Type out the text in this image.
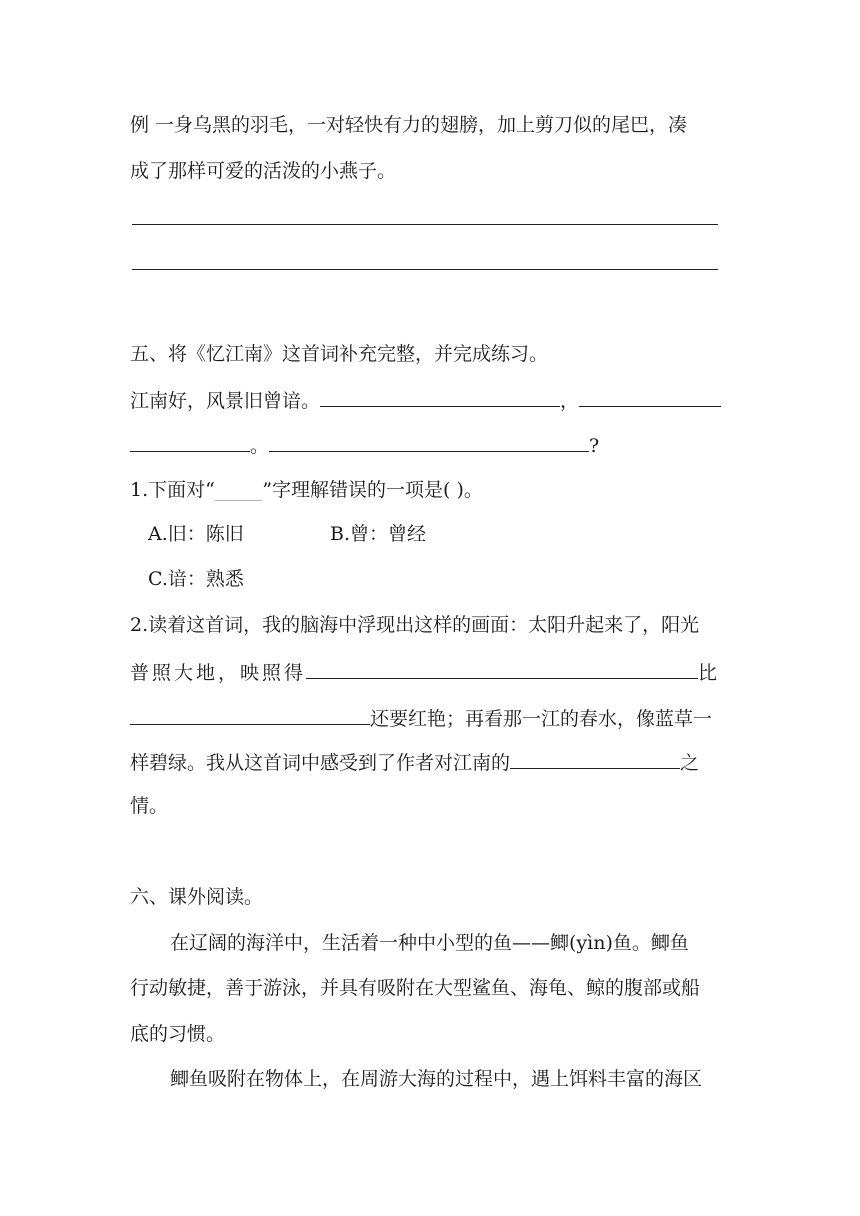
例 一身乌黑的羽毛，一对轻快有力的翅膀，加上剪刀似的尾巴，凑
成了那样可爱的活泼的小燕子。
五、将《忆江南》这首词补充完整，并完成练习。
江南好，风景旧曾谙。	，
。	?
1.下面对“_____”字理解错误的一项是( )。
A.旧：陈旧	B.曾：曾经
C.谙：熟悉
2.读着这首词，我的脑海中浮现出这样的画面：太阳升起来了，阳光
普照大地，映照得	比
还要红艳；再看那一江的春水，像蓝草一
样碧绿。我从这首词中感受到了作者对江南的	之
情。
六、课外阅读。
在辽阔的海洋中，生活着一种中小型的鱼——鲫(yìn)鱼。鲫鱼
行动敏捷，善于游泳，并具有吸附在大型鲨鱼、海龟、鲸的腹部或船
底的习惯。
鲫鱼吸附在物体上，在周游大海的过程中，遇上饵料丰富的海区
